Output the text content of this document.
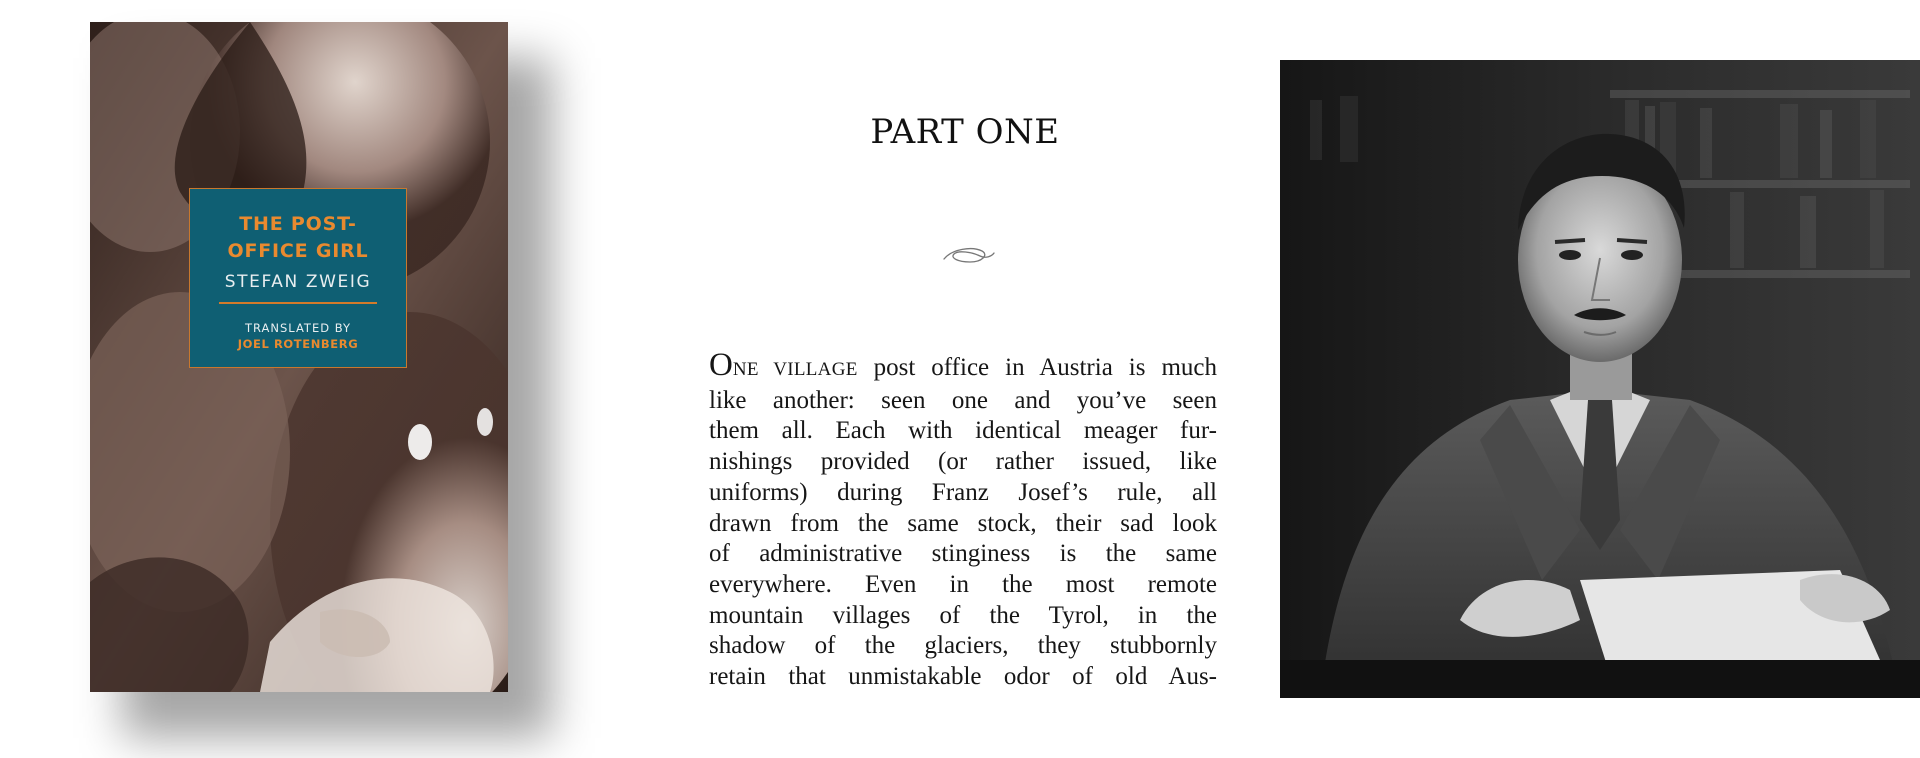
THE POST-OFFICE GIRL
STEFAN ZWEIG
TRANSLATED BY
JOEL ROTENBERG
PART ONE
ONE VILLAGE post office in Austria is much
like another: seen one and you’ve seen
them all. Each with identical meager fur-
nishings provided (or rather issued, like
uniforms) during Franz Josef’s rule, all
drawn from the same stock, their sad look
of administrative stinginess is the same
everywhere. Even in the most remote
mountain villages of the Tyrol, in the
shadow of the glaciers, they stubbornly
retain that unmistakable odor of old Aus-
